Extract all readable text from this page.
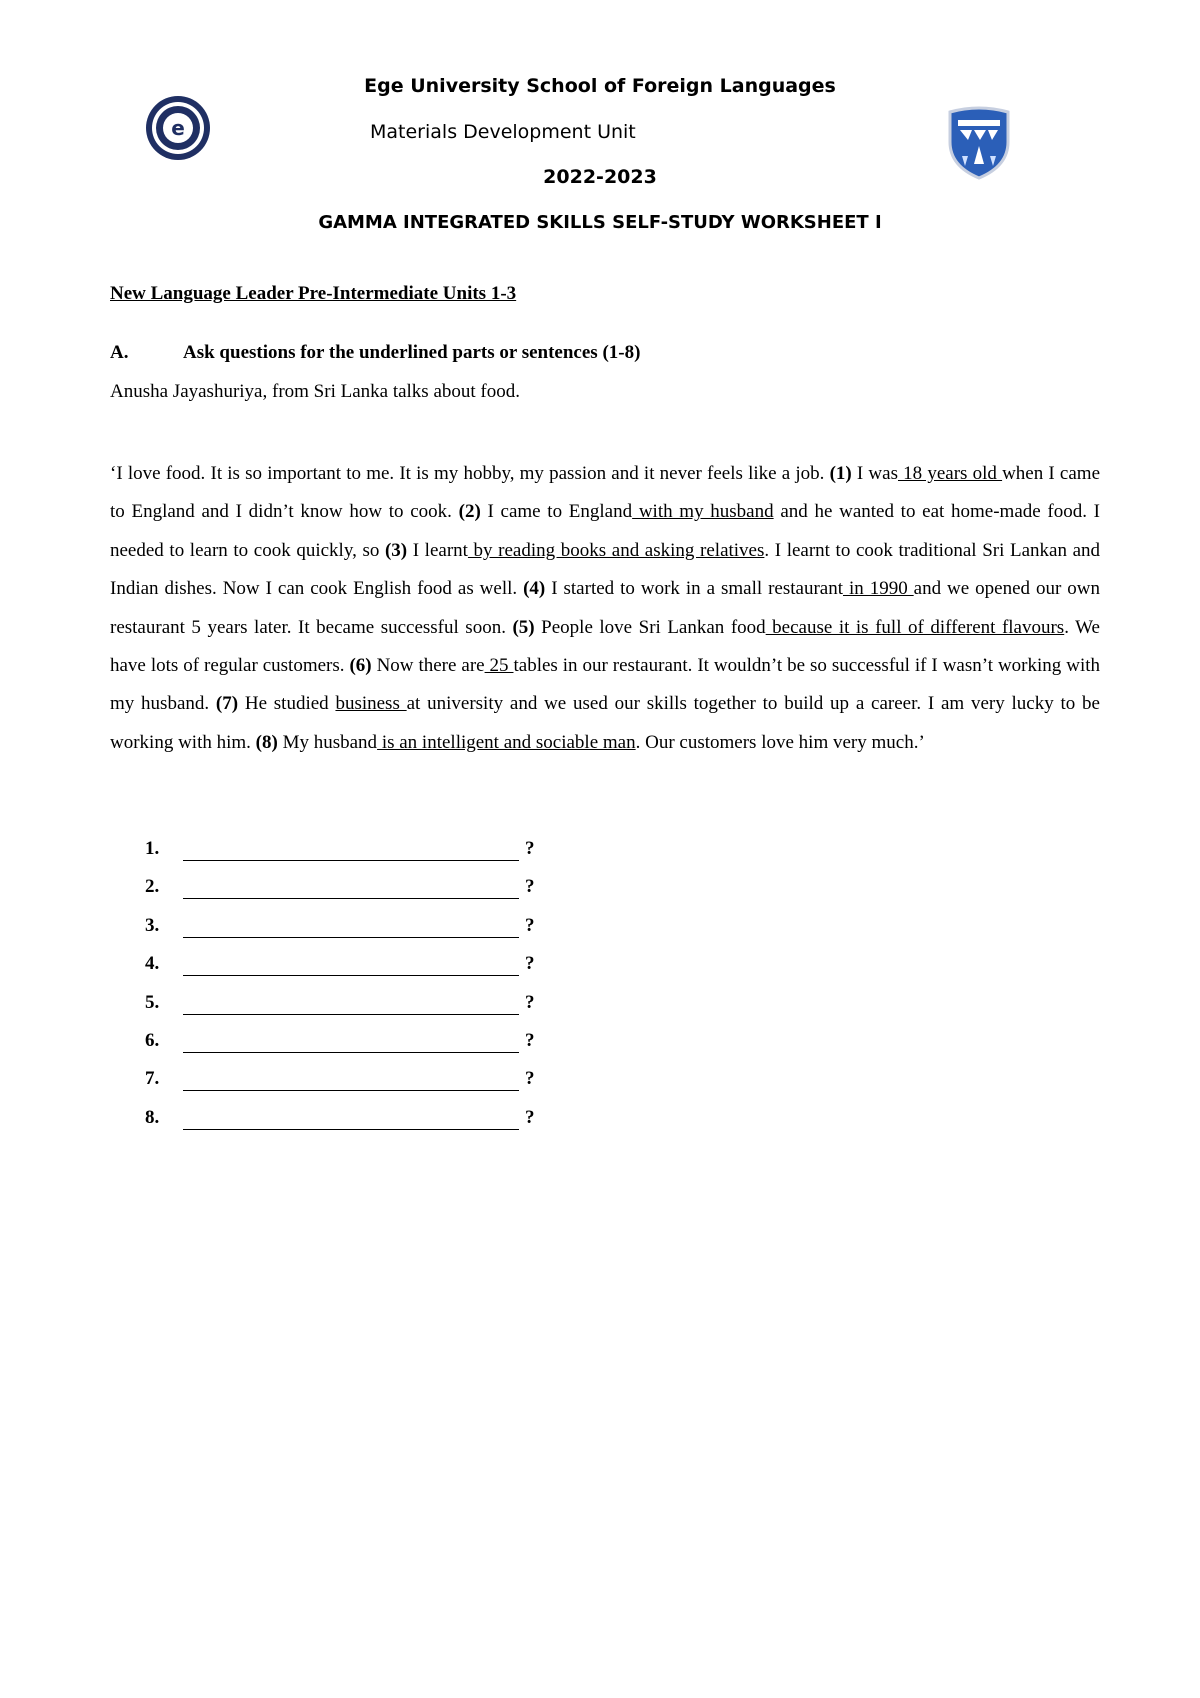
e
Ege University School of Foreign Languages
Materials Development Unit
2022-2023
GAMMA INTEGRATED SKILLS SELF-STUDY WORKSHEET I
New Language Leader Pre-Intermediate Units 1-3
A.	Ask questions for the underlined parts or sentences (1-8)
Anusha Jayashuriya, from Sri Lanka talks about food.
‘I love food. It is so important to me. It is my hobby, my passion and it never feels like a job. (1) I was 18 years old when I came to England and I didn’t know how to cook. (2) I came to England with my husband and he wanted to eat home-made food. I needed to learn to cook quickly, so (3) I learnt by reading books and asking relatives. I learnt to cook traditional Sri Lankan and Indian dishes. Now I can cook English food as well. (4) I started to work in a small restaurant in 1990 and we opened our own restaurant 5 years later. It became successful soon. (5) People love Sri Lankan food because it is full of different flavours. We have lots of regular customers. (6) Now there are 25 tables in our restaurant. It wouldn’t be so successful if I wasn’t working with my husband. (7) He studied business at university and we used our skills together to build up a career. I am very lucky to be working with him. (8) My husband is an intelligent and sociable man. Our customers love him very much.’
1.	?
2.	?
3.	?
4.	?
5.	?
6.	?
7.	?
8.	?
